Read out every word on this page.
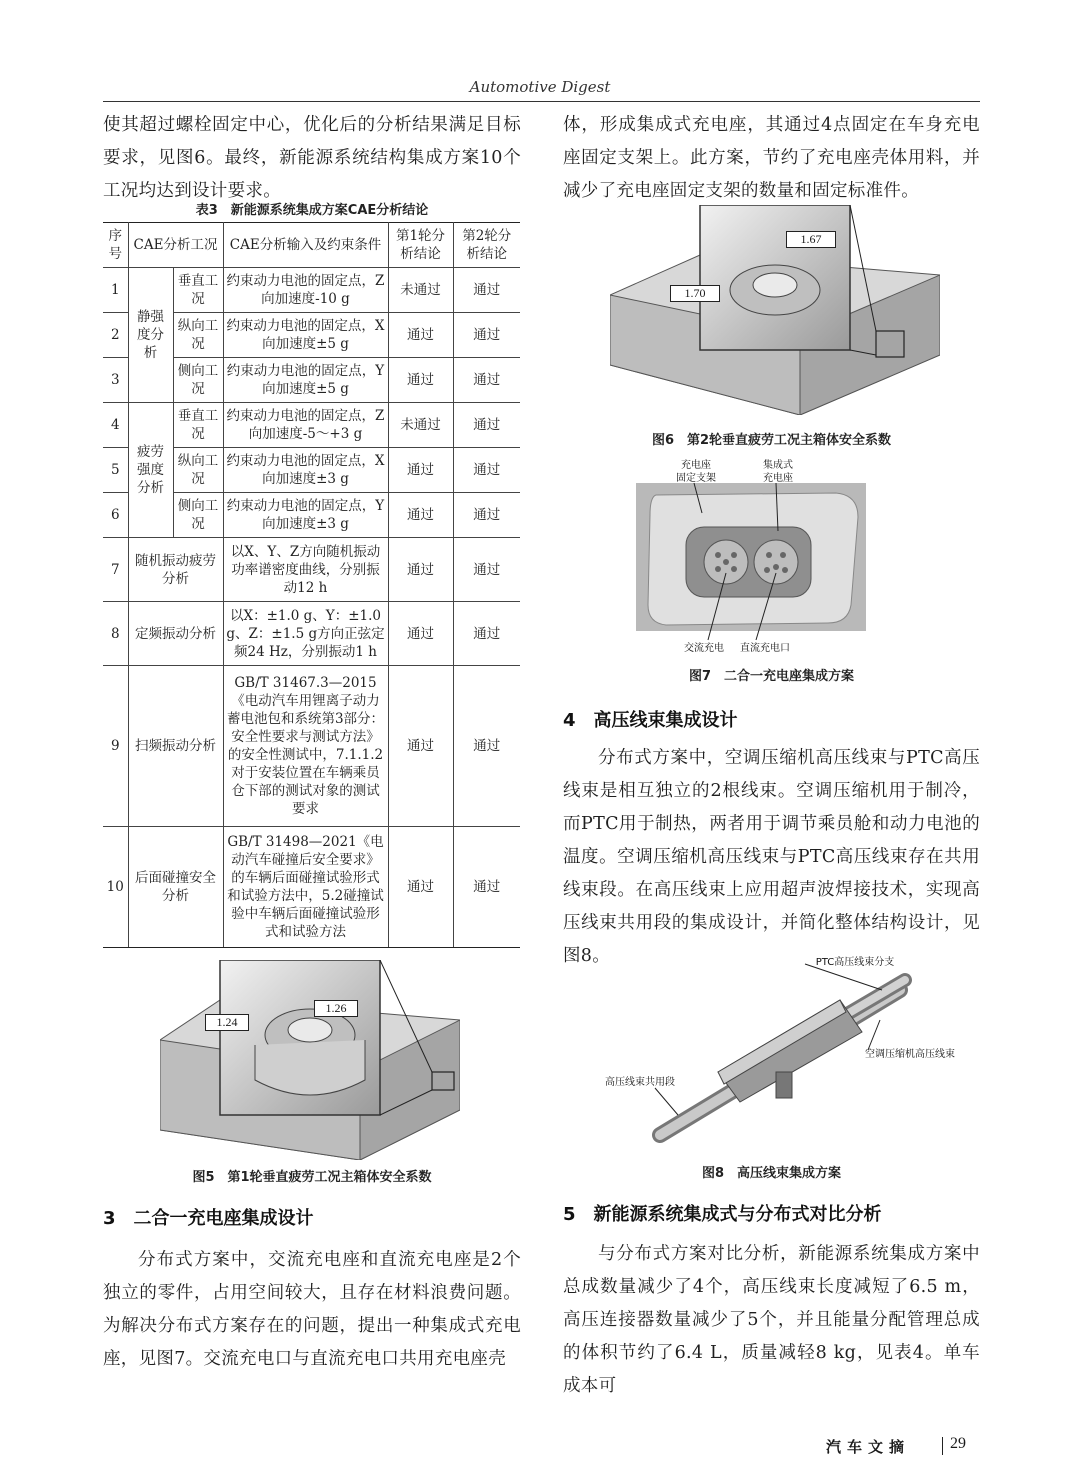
Automotive Digest
使其超过螺栓固定中心，优化后的分析结果满足目标要求，见图6。最终，新能源系统结构集成方案10个工况均达到设计要求。
表3　新能源系统集成方案CAE分析结论
序号	CAE分析工况		CAE分析输入及约束条件	第1轮分析结论	第2轮分析结论
1	静强度分析	垂直工况	约束动力电池的固定点，Z向加速度-10 g	未通过	通过
2		纵向工况	约束动力电池的固定点，X向加速度±5 g	通过	通过
3		侧向工况	约束动力电池的固定点，Y向加速度±5 g	通过	通过
4	疲劳强度分析	垂直工况	约束动力电池的固定点，Z向加速度-5～+3 g	未通过	通过
5		纵向工况	约束动力电池的固定点，X向加速度±3 g	通过	通过
6		侧向工况	约束动力电池的固定点，Y向加速度±3 g	通过	通过
7	随机振动疲劳分析		以X、Y、Z方向随机振动功率谱密度曲线，分别振动12 h	通过	通过
8	定频振动分析		以X：±1.0 g、Y：±1.0 g、Z：±1.5 g方向正弦定频24 Hz，分别振动1 h	通过	通过
9	扫频振动分析		GB/T 31467.3—2015《电动汽车用锂离子动力蓄电池包和系统第3部分：安全性要求与测试方法》的安全性测试中，7.1.1.2对于安装位置在车辆乘员仓下部的测试对象的测试要求	通过	通过
10	后面碰撞安全分析		GB/T 31498—2021《电动汽车碰撞后安全要求》的车辆后面碰撞试验形式和试验方法中，5.2碰撞试验中车辆后面碰撞试验形式和试验方法	通过	通过
1.24
1.26
图5　第1轮垂直疲劳工况主箱体安全系数
3　二合一充电座集成设计
分布式方案中，交流充电座和直流充电座是2个独立的零件，占用空间较大，且存在材料浪费问题。为解决分布式方案存在的问题，提出一种集成式充电座，见图7。交流充电口与直流充电口共用充电座壳
体，形成集成式充电座，其通过4点固定在车身充电座固定支架上。此方案，节约了充电座壳体用料，并减少了充电座固定支架的数量和固定标准件。
1.70
1.67
图6　第2轮垂直疲劳工况主箱体安全系数
充电座
固定支架
集成式
充电座
交流充电	直流充电口
图7　二合一充电座集成方案
4　高压线束集成设计
分布式方案中，空调压缩机高压线束与PTC高压线束是相互独立的2根线束。空调压缩机用于制冷，而PTC用于制热，两者用于调节乘员舱和动力电池的温度。空调压缩机高压线束与PTC高压线束存在共用线束段。在高压线束上应用超声波焊接技术，实现高压线束共用段的集成设计，并简化整体结构设计，见图8。	PTC高压线束分支
空调压缩机高压线束
高压线束共用段
图8　高压线束集成方案
5　新能源系统集成式与分布式对比分析
与分布式方案对比分析，新能源系统集成方案中总成数量减少了4个，高压线束长度减短了6.5 m，高压连接器数量减少了5个，并且能量分配管理总成的体积节约了6.4 L，质量减轻8 kg，见表4。单车成本可
汽车文摘 29
